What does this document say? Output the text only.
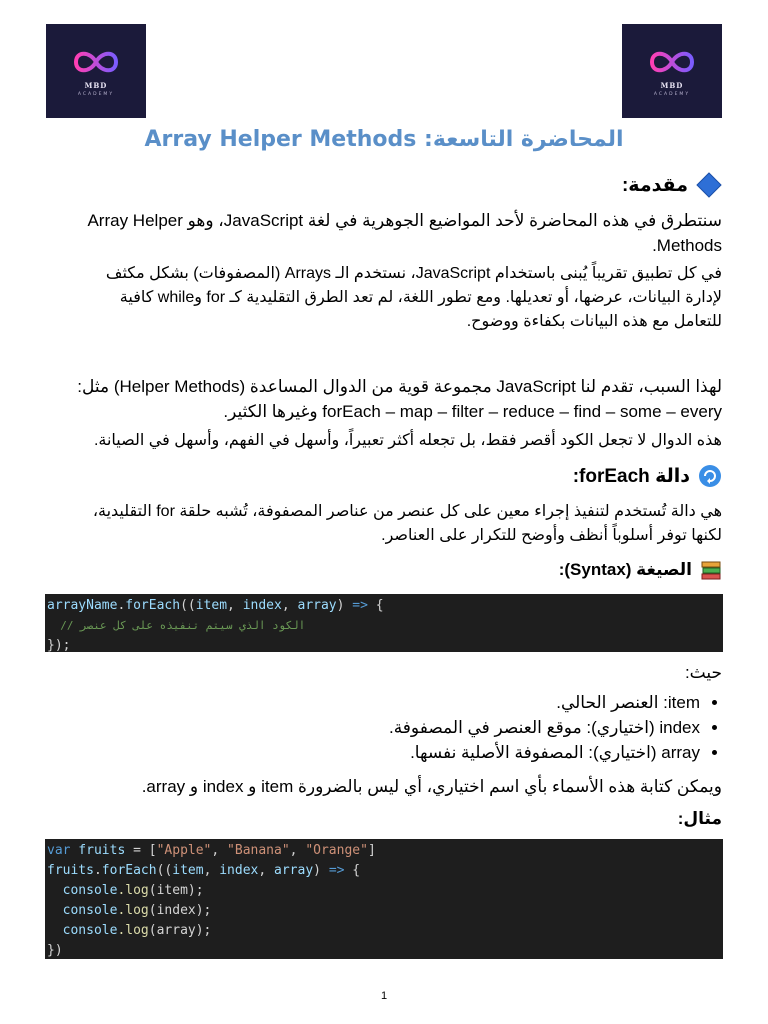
MBD
ACADEMY
MBD
ACADEMY
المحاضرة التاسعة: Array Helper Methods
مقدمة:
سنتطرق في هذه المحاضرة لأحد المواضيع الجوهرية في لغة JavaScript، وهو Array Helper
Methods.
في كل تطبيق تقريباً يُبنى باستخدام JavaScript، نستخدم الـ Arrays (المصفوفات) بشكل مكثف
لإدارة البيانات، عرضها، أو تعديلها. ومع تطور اللغة، لم تعد الطرق التقليدية كـ for وwhile كافية
للتعامل مع هذه البيانات بكفاءة ووضوح.
لهذا السبب، تقدم لنا JavaScript مجموعة قوية من الدوال المساعدة (Helper Methods) مثل:
forEach – map – filter – reduce – find – some – every وغيرها الكثير.
هذه الدوال لا تجعل الكود أقصر فقط، بل تجعله أكثر تعبيراً، وأسهل في الفهم، وأسهل في الصيانة.
دالة forEach:
هي دالة تُستخدم لتنفيذ إجراء معين على كل عنصر من عناصر المصفوفة، تُشبه حلقة for التقليدية،
لكنها توفر أسلوباً أنظف وأوضح للتكرار على العناصر.
الصيغة (Syntax):
arrayName.forEach((item, index, array) => {
// الكود الذي سيتم تنفيذه على كل عنصر
});
حيث:
• item: العنصر الحالي.
• index (اختياري): موقع العنصر في المصفوفة.
• array (اختياري): المصفوفة الأصلية نفسها.
ويمكن كتابة هذه الأسماء بأي اسم اختياري، أي ليس بالضرورة item و index و array.
مثال:
var fruits = ["Apple", "Banana", "Orange"]
fruits.forEach((item, index, array) => {
console.log(item);
console.log(index);
console.log(array);
})
1
